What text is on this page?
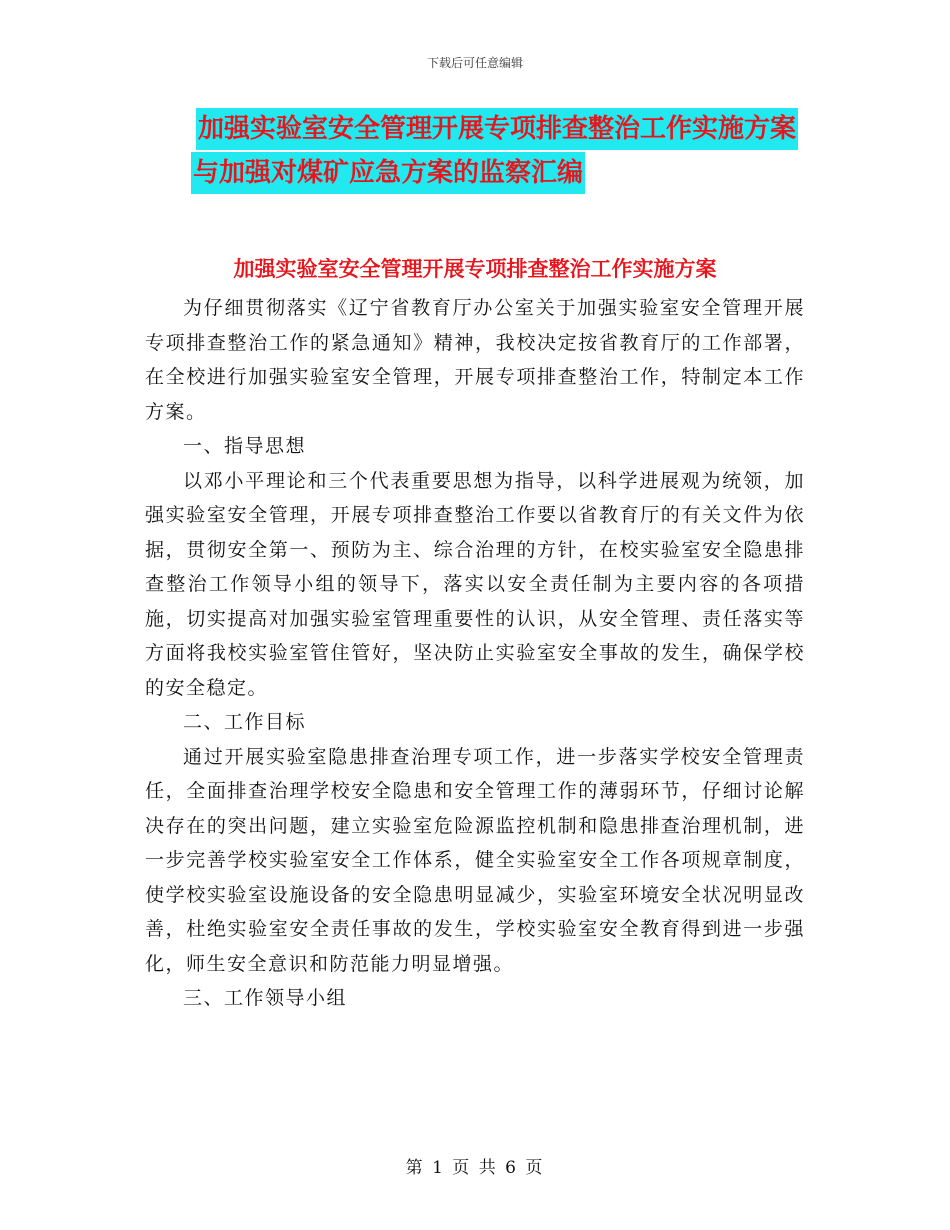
下载后可任意编辑
加强实验室安全管理开展专项排查整治工作实施方案
与加强对煤矿应急方案的监察汇编
加强实验室安全管理开展专项排查整治工作实施方案

为仔细贯彻落实《辽宁省教育厅办公室关于加强实验室安全管理开展专项排查整治工作的紧急通知》精神，我校决定按省教育厅的工作部署，在全校进行加强实验室安全管理，开展专项排查整治工作，特制定本工作方案。

一、指导思想

以邓小平理论和三个代表重要思想为指导，以科学进展观为统领，加强实验室安全管理，开展专项排查整治工作要以省教育厅的有关文件为依据，贯彻安全第一、预防为主、综合治理的方针，在校实验室安全隐患排查整治工作领导小组的领导下，落实以安全责任制为主要内容的各项措施，切实提高对加强实验室管理重要性的认识，从安全管理、责任落实等方面将我校实验室管住管好，坚决防止实验室安全事故的发生，确保学校的安全稳定。

二、工作目标

通过开展实验室隐患排查治理专项工作，进一步落实学校安全管理责任，全面排查治理学校安全隐患和安全管理工作的薄弱环节，仔细讨论解决存在的突出问题，建立实验室危险源监控机制和隐患排查治理机制，进一步完善学校实验室安全工作体系，健全实验室安全工作各项规章制度，使学校实验室设施设备的安全隐患明显减少，实验室环境安全状况明显改善，杜绝实验室安全责任事故的发生，学校实验室安全教育得到进一步强化，师生安全意识和防范能力明显增强。

三、工作领导小组

第 1 页 共 6 页
